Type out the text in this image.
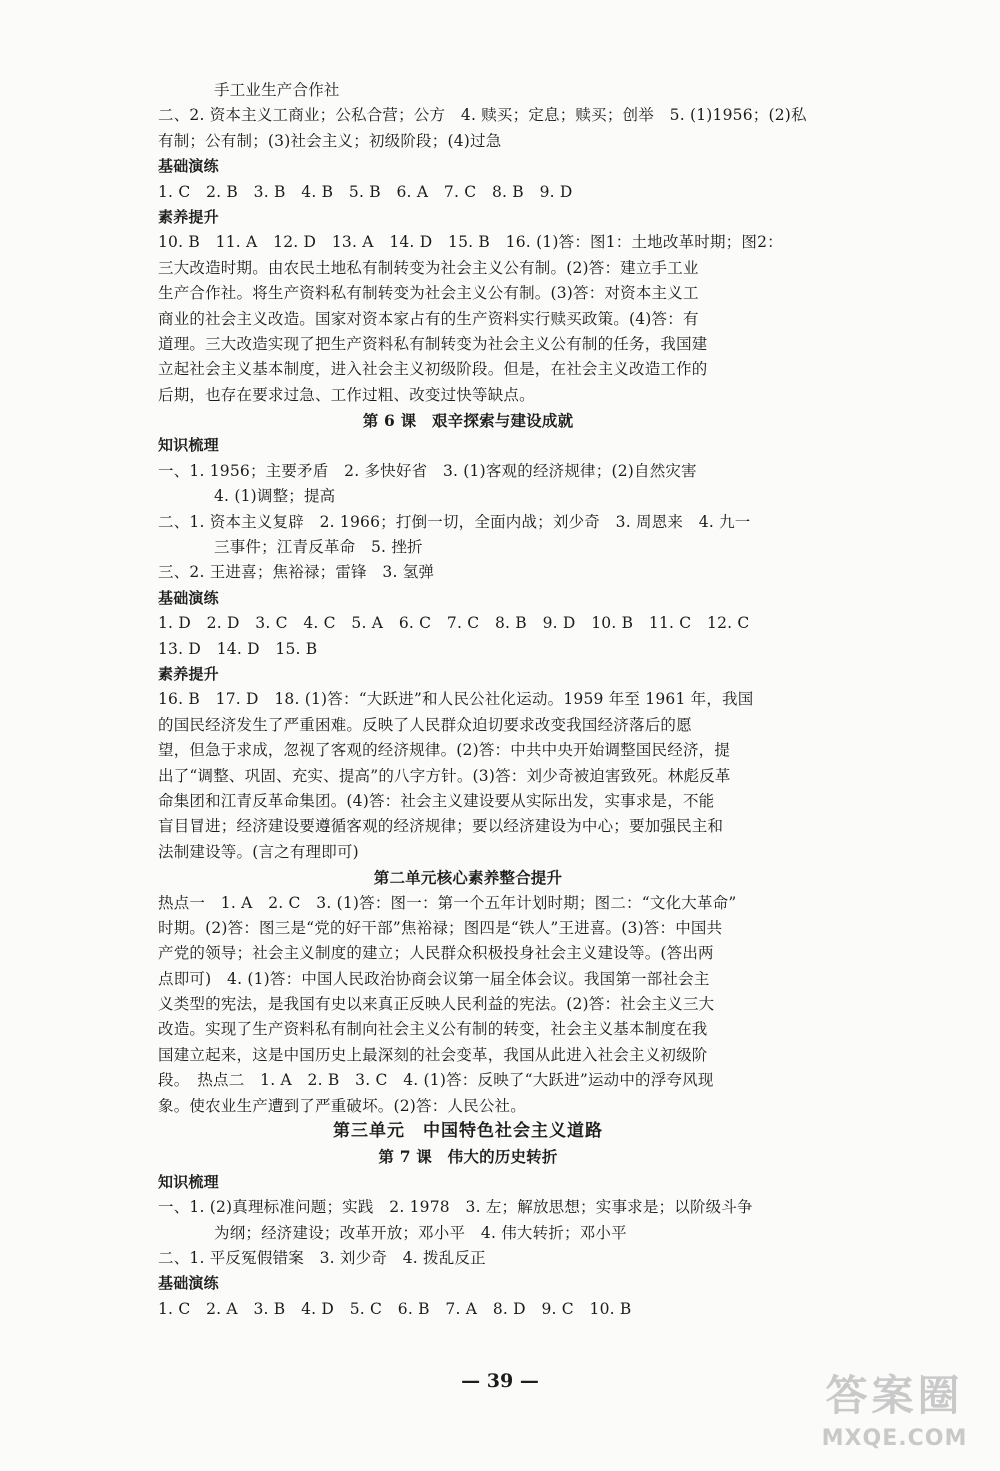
手工业生产合作社
二、2. 资本主义工商业；公私合营；公方　4. 赎买；定息；赎买；创举　5. (1)1956；(2)私
有制；公有制；(3)社会主义；初级阶段；(4)过急
基础演练
1. C　2. B　3. B　4. B　5. B　6. A　7. C　8. B　9. D
素养提升
10. B　11. A　12. D　13. A　14. D　15. B　16. (1)答：图1：土地改革时期；图2：
三大改造时期。由农民土地私有制转变为社会主义公有制。(2)答：建立手工业
生产合作社。将生产资料私有制转变为社会主义公有制。(3)答：对资本主义工
商业的社会主义改造。国家对资本家占有的生产资料实行赎买政策。(4)答：有
道理。三大改造实现了把生产资料私有制转变为社会主义公有制的任务，我国建
立起社会主义基本制度，进入社会主义初级阶段。但是，在社会主义改造工作的
后期，也存在要求过急、工作过粗、改变过快等缺点。
第 6 课　艰辛探索与建设成就
知识梳理
一、1. 1956；主要矛盾　2. 多快好省　3. (1)客观的经济规律；(2)自然灾害
4. (1)调整；提高
二、1. 资本主义复辟　2. 1966；打倒一切，全面内战；刘少奇　3. 周恩来　4. 九一
三事件；江青反革命　5. 挫折
三、2. 王进喜；焦裕禄；雷锋　3. 氢弹
基础演练
1. D　2. D　3. C　4. C　5. A　6. C　7. C　8. B　9. D　10. B　11. C　12. C
13. D　14. D　15. B
素养提升
16. B　17. D　18. (1)答：“大跃进”和人民公社化运动。1959 年至 1961 年，我国
的国民经济发生了严重困难。反映了人民群众迫切要求改变我国经济落后的愿
望，但急于求成，忽视了客观的经济规律。(2)答：中共中央开始调整国民经济，提
出了“调整、巩固、充实、提高”的八字方针。(3)答：刘少奇被迫害致死。林彪反革
命集团和江青反革命集团。(4)答：社会主义建设要从实际出发，实事求是，不能
盲目冒进；经济建设要遵循客观的经济规律；要以经济建设为中心；要加强民主和
法制建设等。(言之有理即可)
第二单元核心素养整合提升
热点一　1. A　2. C　3. (1)答：图一：第一个五年计划时期；图二：“文化大革命”
时期。(2)答：图三是“党的好干部”焦裕禄；图四是“铁人”王进喜。(3)答：中国共
产党的领导；社会主义制度的建立；人民群众积极投身社会主义建设等。(答出两
点即可)　4. (1)答：中国人民政治协商会议第一届全体会议。我国第一部社会主
义类型的宪法，是我国有史以来真正反映人民利益的宪法。(2)答：社会主义三大
改造。实现了生产资料私有制向社会主义公有制的转变，社会主义基本制度在我
国建立起来，这是中国历史上最深刻的社会变革，我国从此进入社会主义初级阶
段。　热点二　1. A　2. B　3. C　4. (1)答：反映了“大跃进”运动中的浮夸风现
象。使农业生产遭到了严重破坏。(2)答：人民公社。
第三单元　中国特色社会主义道路
第 7 课　伟大的历史转折
知识梳理
一、1. (2)真理标准问题；实践　2. 1978　3. 左；解放思想；实事求是；以阶级斗争
为纲；经济建设；改革开放；邓小平　4. 伟大转折；邓小平
二、1. 平反冤假错案　3. 刘少奇　4. 拨乱反正
基础演练
1. C　2. A　3. B　4. D　5. C　6. B　7. A　8. D　9. C　10. B
— 39 —	答案圈
MXQE.COM
